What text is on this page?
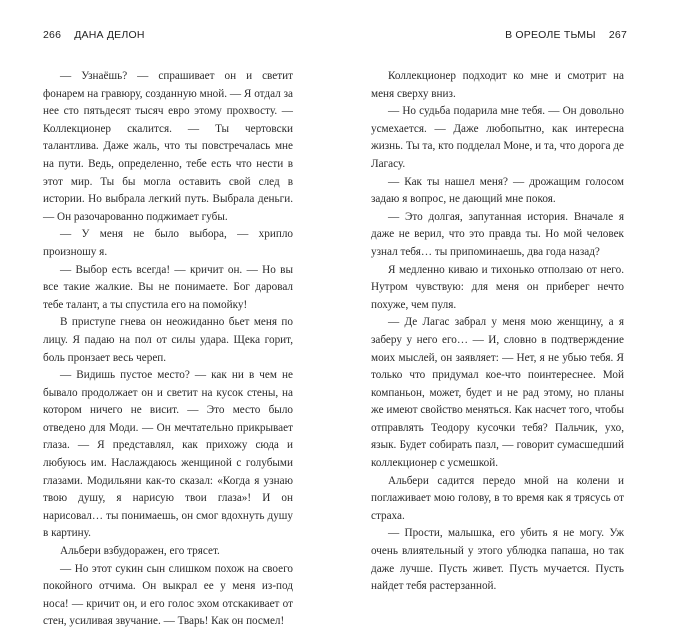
266 ДАНА ДЕЛОН

— Узнаёшь? — спрашивает он и светит фонарем на гравюру, созданную мной. — Я отдал за нее сто пятьдесят тысяч евро этому прохвосту. — Коллекционер скалится. — Ты чертовски талантлива. Даже жаль, что ты повстречалась мне на пути. Ведь, определенно, тебе есть что нести в этот мир. Ты бы могла оставить свой след в истории. Но выбрала легкий путь. Выбрала деньги. — Он разочарованно поджимает губы.

— У меня не было выбора, — хрипло произношу я.

— Выбор есть всегда! — кричит он. — Но вы все такие жалкие. Вы не понимаете. Бог даровал тебе талант, а ты спустила его на помойку!

В приступе гнева он неожиданно бьет меня по лицу. Я падаю на пол от силы удара. Щека горит, боль пронзает весь череп.

— Видишь пустое место? — как ни в чем не бывало продолжает он и светит на кусок стены, на котором ничего не висит. — Это место было отведено для Моди. — Он мечтательно прикрывает глаза. — Я представлял, как прихожу сюда и любуюсь им. Наслаждаюсь женщиной с голубыми глазами. Модильяни как-то сказал: «Когда я узнаю твою душу, я нарисую твои глаза»! И он нарисовал… ты понимаешь, он смог вдохнуть душу в картину.

Альбери взбудоражен, его трясет.

— Но этот сукин сын слишком похож на своего покойного отчима. Он выкрал ее у меня из-под носа! — кричит он, и его голос эхом отскакивает от стен, усиливая звучание. — Тварь! Как он посмел!

В ОРЕОЛЕ ТЬМЫ 267

Коллекционер подходит ко мне и смотрит на меня сверху вниз.

— Но судьба подарила мне тебя. — Он довольно усмехается. — Даже любопытно, как интересна жизнь. Ты та, кто подделал Моне, и та, что дорога де Лагасу.

— Как ты нашел меня? — дрожащим голосом задаю я вопрос, не дающий мне покоя.

— Это долгая, запутанная история. Вначале я даже не верил, что это правда ты. Но мой человек узнал тебя… ты припоминаешь, два года назад?

Я медленно киваю и тихонько отползаю от него. Нутром чувствую: для меня он приберег нечто похуже, чем пуля.

— Де Лагас забрал у меня мою женщину, а я заберу у него его… — И, словно в подтверждение моих мыслей, он заявляет: — Нет, я не убью тебя. Я только что придумал кое-что поинтереснее. Мой компаньон, может, будет и не рад этому, но планы же имеют свойство меняться. Как насчет того, чтобы отправлять Теодору кусочки тебя? Пальчик, ухо, язык. Будет собирать пазл, — говорит сумасшедший коллекционер с усмешкой.

Альбери садится передо мной на колени и поглаживает мою голову, в то время как я трясусь от страха.

— Прости, малышка, его убить я не могу. Уж очень влиятельный у этого ублюдка папаша, но так даже лучше. Пусть живет. Пусть мучается. Пусть найдет тебя растерзанной.
